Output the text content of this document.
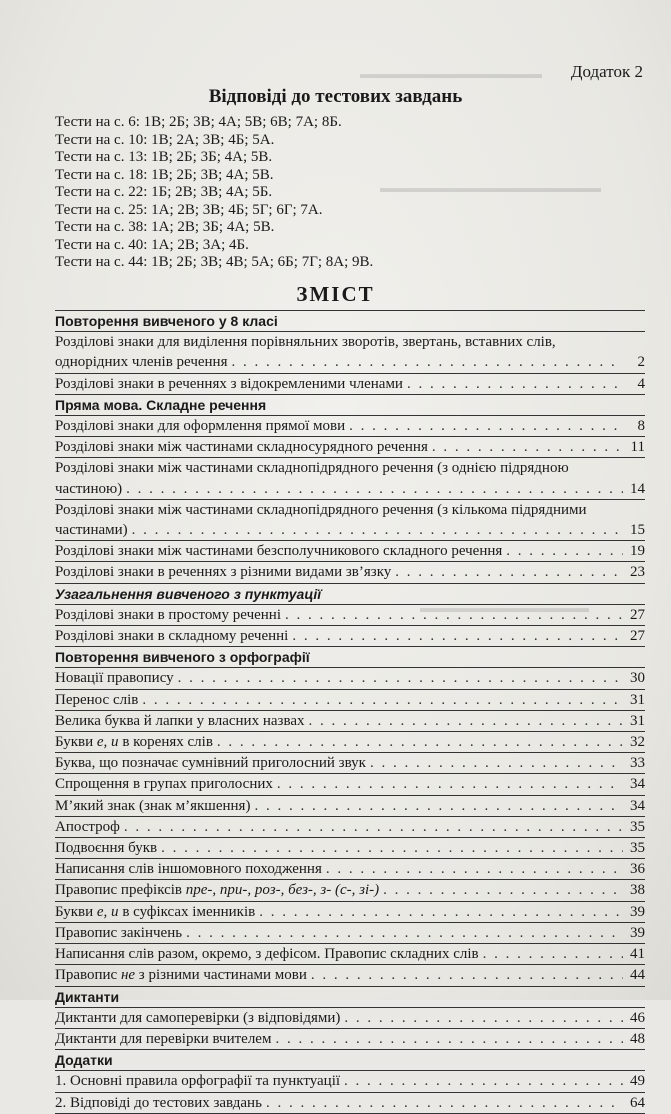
▬▬▬▬▬▬▬▬▬▬▬▬▬▬
▬▬▬▬▬▬▬▬▬▬▬▬▬▬▬▬▬
▬▬▬▬▬▬▬▬▬▬▬▬▬
Додаток 2
Відповіді до тестових завдань
Тести на с. 6: 1В; 2Б; 3В; 4А; 5В; 6В; 7А; 8Б.
Тести на с. 10: 1В; 2А; 3В; 4Б; 5А.
Тести на с. 13: 1В; 2Б; 3Б; 4А; 5В.
Тести на с. 18: 1В; 2Б; 3В; 4А; 5В.
Тести на с. 22: 1Б; 2В; 3В; 4А; 5Б.
Тести на с. 25: 1А; 2В; 3В; 4Б; 5Г; 6Г; 7А.
Тести на с. 38: 1А; 2В; 3Б; 4А; 5В.
Тести на с. 40: 1А; 2В; 3А; 4Б.
Тести на с. 44: 1В; 2Б; 3В; 4В; 5А; 6Б; 7Г; 8А; 9В.
ЗМІСТ
Повторення вивченого у 8 класі
Розділові знаки для виділення порівняльних зворотів, звертань, вставних слів,
однорідних членів речення . . .	2
Розділові знаки в реченнях з відокремленими членами . . .	4
Пряма мова. Складне речення
Розділові знаки для оформлення прямої мови . . .	8
Розділові знаки між частинами складносурядного речення . . .	11
Розділові знаки між частинами складнопідрядного речення (з однією підрядною
частиною) . . .	14
Розділові знаки між частинами складнопідрядного речення (з кількома підрядними
частинами) . . .	15
Розділові знаки між частинами безсполучникового складного речення . . .	19
Розділові знаки в реченнях з різними видами зв’язку . . .	23
Узагальнення вивченого з пунктуації
Розділові знаки в простому реченні . . .	27
Розділові знаки в складному реченні . . .	27
Повторення вивченого з орфографії
Новації правопису . . .	30
Перенос слів . . .	31
Велика буква й лапки у власних назвах . . .	31
Букви е, и в коренях слів . . .	32
Буква, що позначає сумнівний приголосний звук . . .	33
Спрощення в групах приголосних . . .	34
М’який знак (знак м’якшення) . . .	34
Апостроф . . .	35
Подвоєння букв . . .	35
Написання слів іншомовного походження . . .	36
Правопис префіксів пре-, при-, роз-, без-, з- (с-, зі-) . . .	38
Букви е, и в суфіксах іменників . . .	39
Правопис закінчень . . .	39
Написання слів разом, окремо, з дефісом. Правопис складних слів . . .	41
Правопис не з різними частинами мови . . .	44
Диктанти
Диктанти для самоперевірки (з відповідями) . . .	46
Диктанти для перевірки вчителем . . .	48
Додатки
1. Основні правила орфографії та пунктуації . . .	49
2. Відповіді до тестових завдань . . .	64
